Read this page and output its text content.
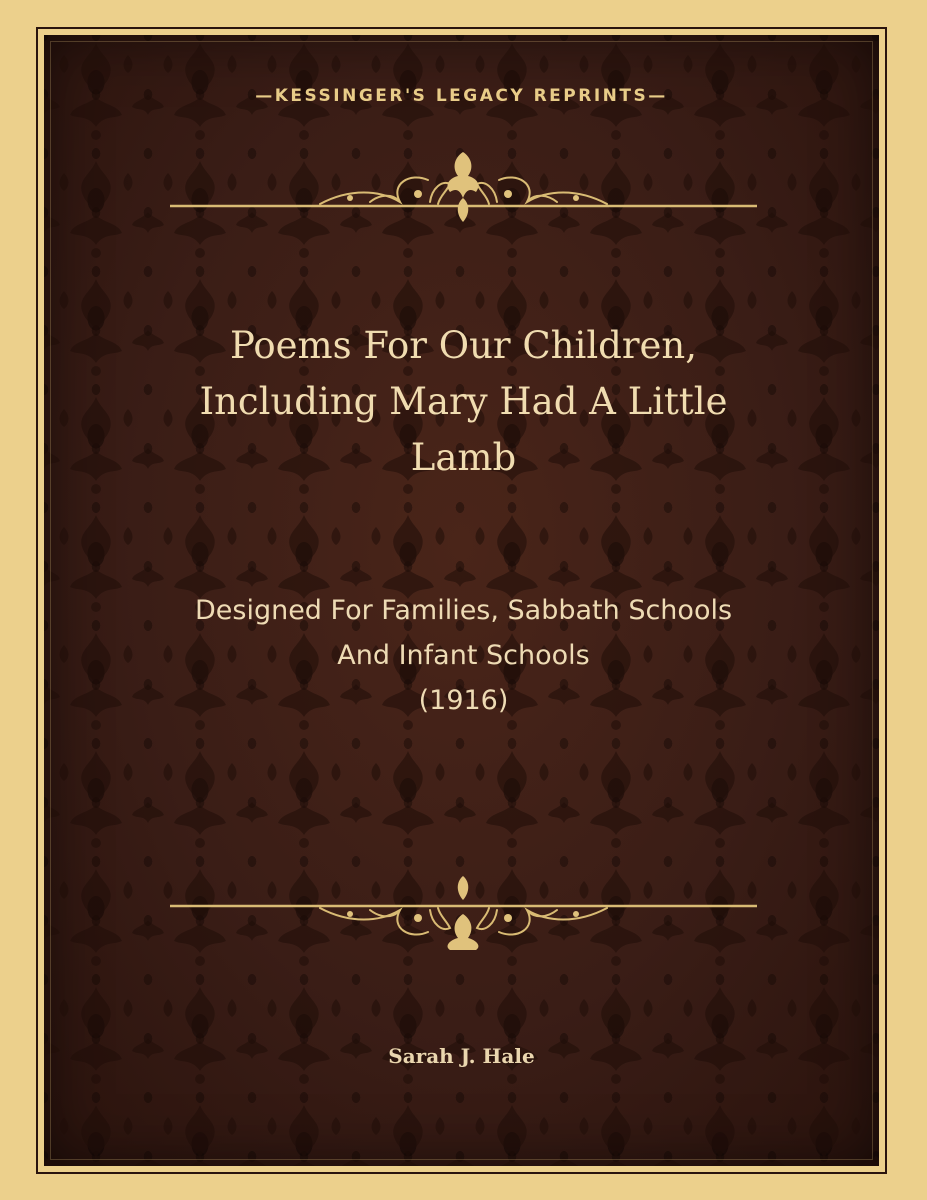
—KESSINGER'S LEGACY REPRINTS—
Poems For Our Children,
Including Mary Had A Little
Lamb
Designed For Families, Sabbath Schools
And Infant Schools
(1916)
Sarah J. Hale
